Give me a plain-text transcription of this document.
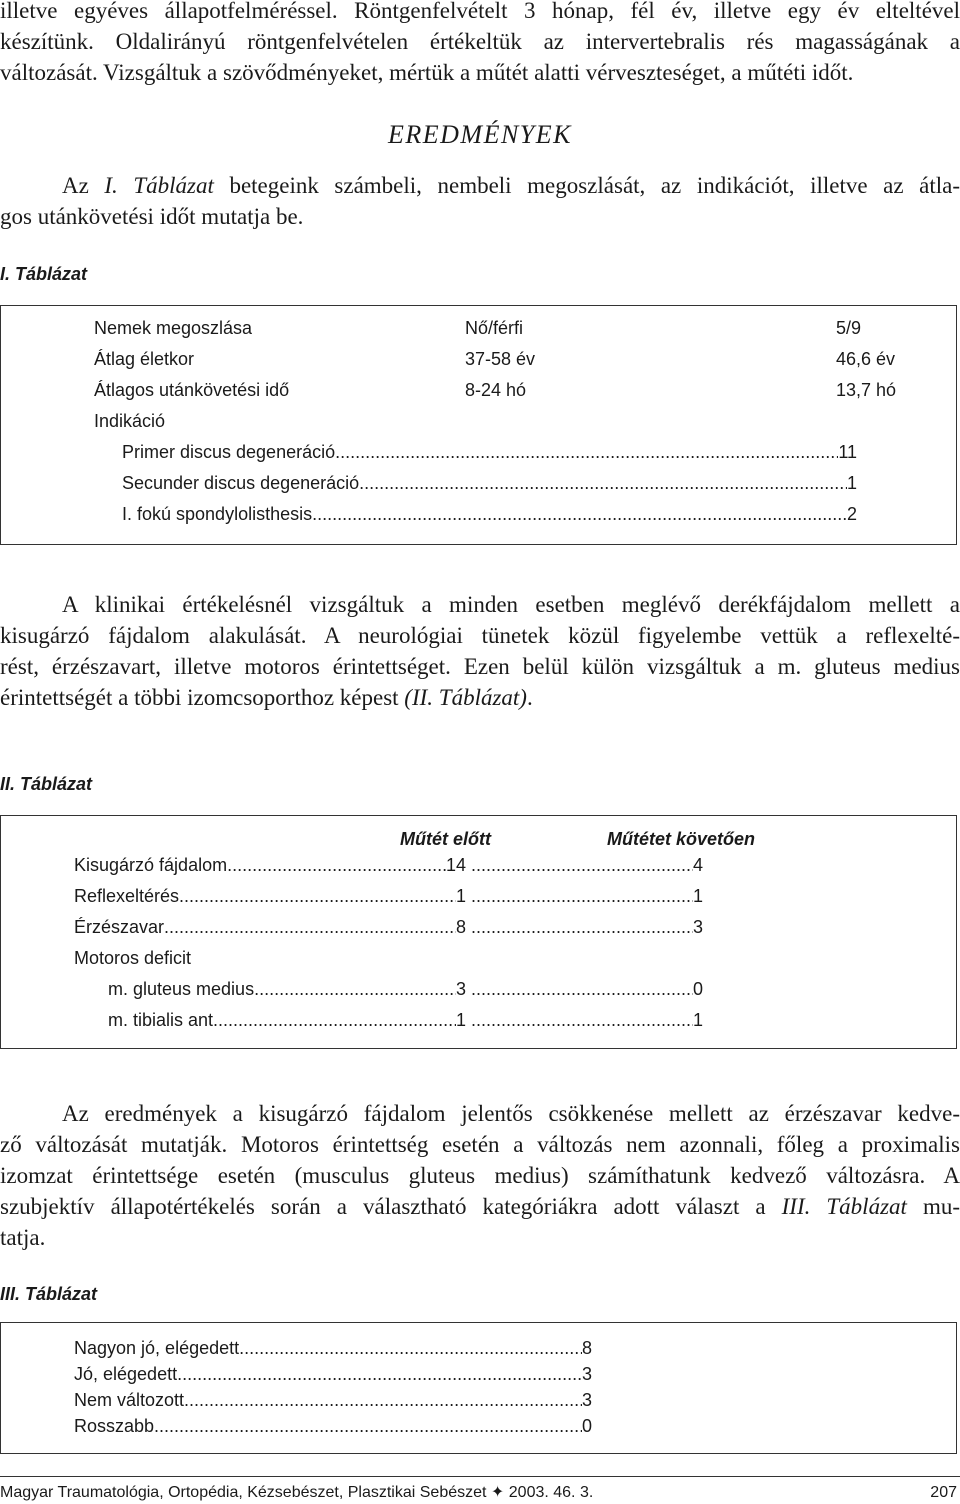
illetve egyéves állapotfelméréssel. Röntgenfelvételt 3 hónap, fél év, illetve egy év elteltével
készítünk. Oldalirányú röntgenfelvételen értékeltük az intervertebralis rés magasságának a
változását. Vizsgáltuk a szövődményeket, mértük a műtét alatti vérveszteséget, a műtéti időt.
EREDMÉNYEK
Az I. Táblázat betegeink számbeli, nembeli megoszlását, az indikációt, illetve az átla-
gos utánkövetési időt mutatja be.
I. Táblázat
Nemek megoszlása	Nő/férfi	5/9
Átlag életkor	37-58 év	46,6 év
Átlagos utánkövetési idő	8-24 hó	13,7 hó
Indikáció
Primer discus degeneráció .....	11
Secunder discus degeneráció .....	1
I. fokú spondylolisthesis .....	2
A klinikai értékelésnél vizsgáltuk a minden esetben meglévő derékfájdalom mellett a
kisugárzó fájdalom alakulását. A neurológiai tünetek közül figyelembe vettük a reflexelté-
rést, érzészavart, illetve motoros érintettséget. Ezen belül külön vizsgáltuk a m. gluteus medius
érintettségét a többi izomcsoporthoz képest (II. Táblázat).
II. Táblázat
Műtét előtt	Műtétet követően
Kisugárzó fájdalom .....	14 .....	4
Reflexeltérés .....	1 .....	1
Érzészavar .....	8 .....	3
Motoros deficit
m. gluteus medius .....	3 .....	0
m. tibialis ant. .....	1 .....	1
Az eredmények a kisugárzó fájdalom jelentős csökkenése mellett az érzészavar kedve-
ző változását mutatják. Motoros érintettség esetén a változás nem azonnali, főleg a proximalis
izomzat érintettsége esetén (musculus gluteus medius) számíthatunk kedvező változásra. A
szubjektív állapotértékelés során a választható kategóriákra adott választ a III. Táblázat mu-
tatja.
III. Táblázat
Nagyon jó, elégedett .....	8
Jó, elégedett .....	3
Nem változott .....	3
Rosszabb .....	0
Magyar Traumatológia, Ortopédia, Kézsebészet, Plasztikai Sebészet ✦ 2003. 46. 3.	207
